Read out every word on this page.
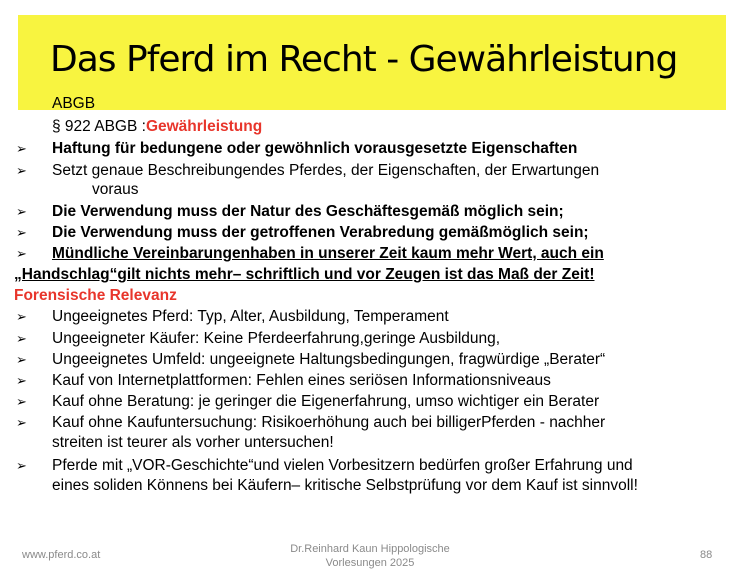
Das Pferd im Recht - Gewährleistung
ABGB
§ 922 ABGB :Gewährleistung
➢ Haftung für bedungene oder gewöhnlich vorausgesetzte Eigenschaften
➢ Setzt genaue Beschreibungendes Pferdes, der Eigenschaften, der Erwartungen
voraus
➢ Die Verwendung muss der Natur des Geschäftesgemäß möglich sein;
➢ Die Verwendung muss der getroffenen Verabredung gemäßmöglich sein;
➢ Mündliche Vereinbarungenhaben in unserer Zeit kaum mehr Wert, auch ein
„Handschlag“gilt nichts mehr– schriftlich und vor Zeugen ist das Maß der Zeit!
Forensische Relevanz
➢ Ungeeignetes Pferd: Typ, Alter, Ausbildung, Temperament
➢ Ungeeigneter Käufer: Keine Pferdeerfahrung,geringe Ausbildung,
➢ Ungeeignetes Umfeld: ungeeignete Haltungsbedingungen, fragwürdige „Berater“
➢ Kauf von Internetplattformen: Fehlen eines seriösen Informationsniveaus
➢ Kauf ohne Beratung: je geringer die Eigenerfahrung, umso wichtiger ein Berater
➢ Kauf ohne Kaufuntersuchung: Risikoerhöhung auch bei billigerPferden - nachher
streiten ist teurer als vorher untersuchen!
➢ Pferde mit „VOR-Geschichte“und vielen Vorbesitzern bedürfen großer Erfahrung und
eines soliden Könnens bei Käufern– kritische Selbstprüfung vor dem Kauf ist sinnvoll!
www.pferd.co.at	Dr.Reinhard Kaun Hippologische
Vorlesungen 2025
88
